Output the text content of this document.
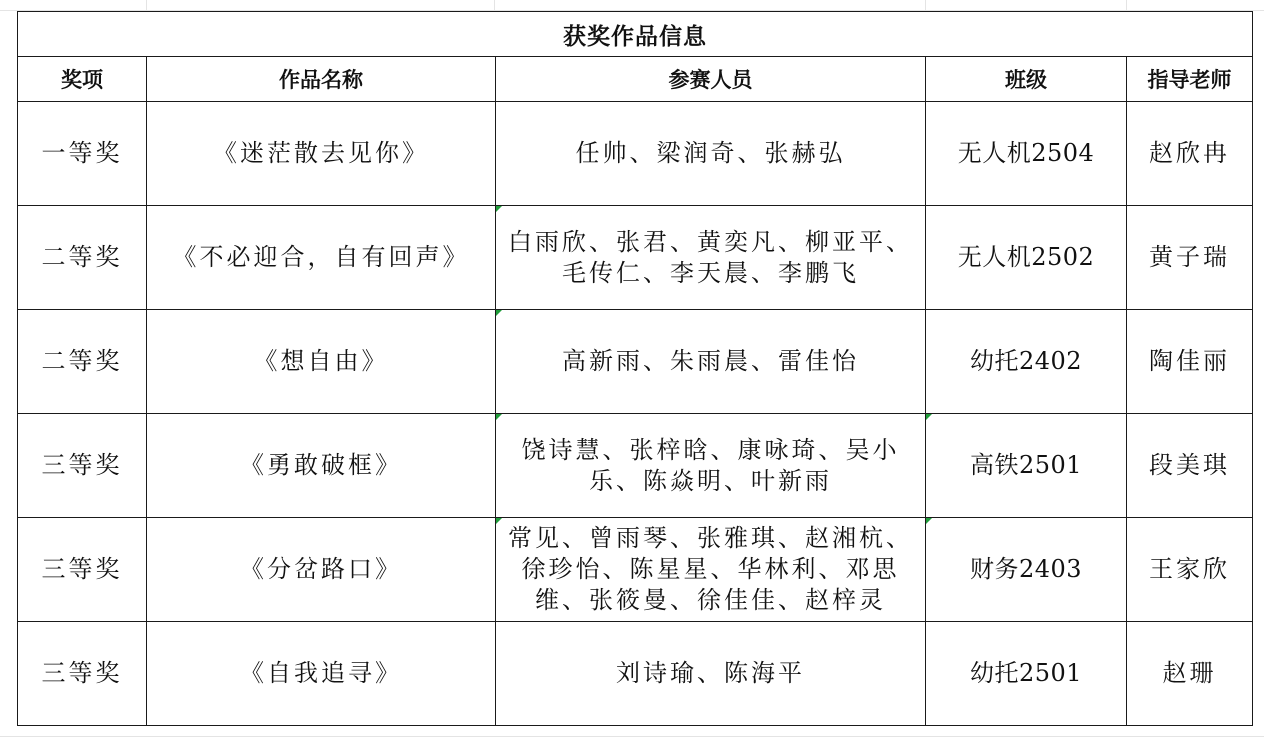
获奖作品信息				
奖项	作品名称	参赛人员	班级	指导老师
一等奖	《迷茫散去见你》	任帅、梁润奇、张赫弘	无人机2504	赵欣冉
二等奖	《不必迎合，自有回声》	白雨欣、张君、黄奕凡、柳亚平、毛传仁、李天晨、李鹏飞	无人机2502	黄子瑞
二等奖	《想自由》	高新雨、朱雨晨、雷佳怡	幼托2402	陶佳丽
三等奖	《勇敢破框》	饶诗慧、张梓晗、康咏琦、吴小乐、陈焱明、叶新雨	高铁2501	段美琪
三等奖	《分岔路口》	常见、曾雨琴、张雅琪、赵湘杭、徐珍怡、陈星星、华林利、邓思维、张筱曼、徐佳佳、赵梓灵	财务2403	王家欣
三等奖	《自我追寻》	刘诗瑜、陈海平	幼托2501	赵珊
